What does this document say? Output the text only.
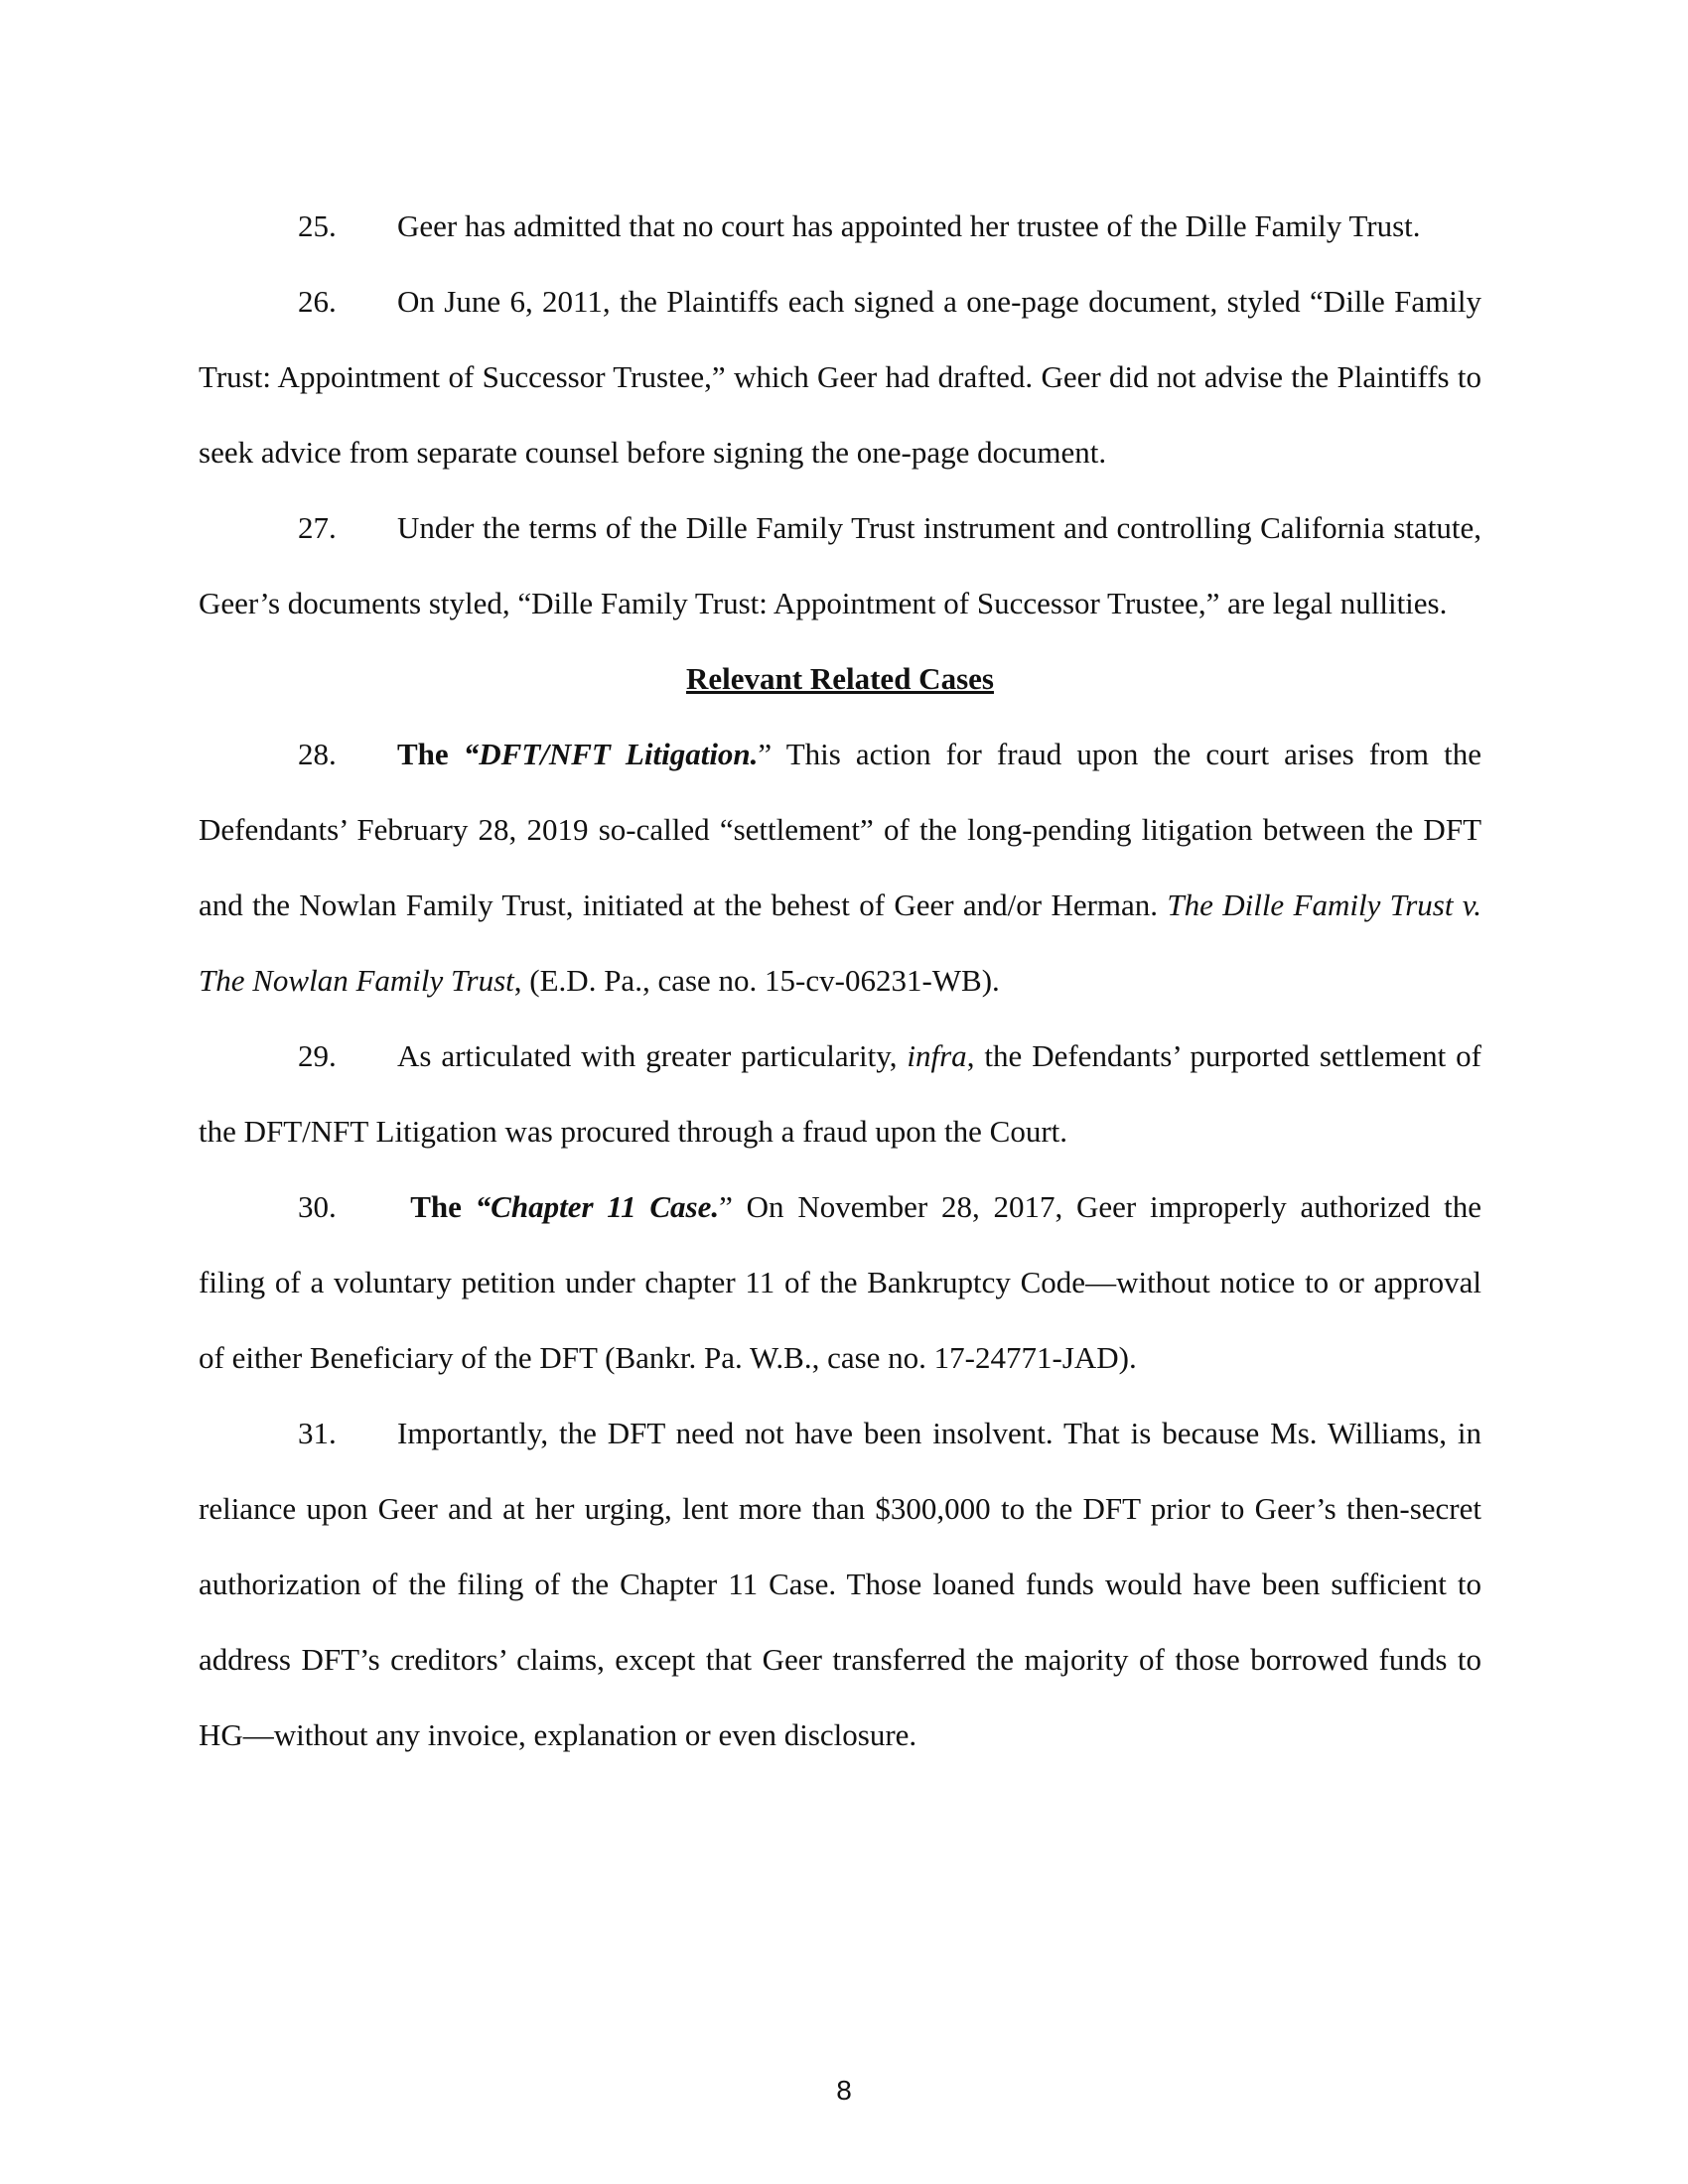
25. Geer has admitted that no court has appointed her trustee of the Dille Family Trust.

26. On June 6, 2011, the Plaintiffs each signed a one-page document, styled “Dille Family Trust: Appointment of Successor Trustee,” which Geer had drafted. Geer did not advise the Plaintiffs to seek advice from separate counsel before signing the one-page document.

27. Under the terms of the Dille Family Trust instrument and controlling California statute, Geer’s documents styled, “Dille Family Trust: Appointment of Successor Trustee,” are legal nullities.

Relevant Related Cases

28. The “DFT/NFT Litigation.” This action for fraud upon the court arises from the Defendants’ February 28, 2019 so-called “settlement” of the long-pending litigation between the DFT and the Nowlan Family Trust, initiated at the behest of Geer and/or Herman. The Dille Family Trust v. The Nowlan Family Trust, (E.D. Pa., case no. 15-cv-06231-WB).

29. As articulated with greater particularity, infra, the Defendants’ purported settlement of the DFT/NFT Litigation was procured through a fraud upon the Court.

30. The “Chapter 11 Case.” On November 28, 2017, Geer improperly authorized the filing of a voluntary petition under chapter 11 of the Bankruptcy Code—without notice to or approval of either Beneficiary of the DFT (Bankr. Pa. W.B., case no. 17-24771-JAD).

31. Importantly, the DFT need not have been insolvent. That is because Ms. Williams, in reliance upon Geer and at her urging, lent more than $300,000 to the DFT prior to Geer’s then-secret authorization of the filing of the Chapter 11 Case. Those loaned funds would have been sufficient to address DFT’s creditors’ claims, except that Geer transferred the majority of those borrowed funds to HG—without any invoice, explanation or even disclosure.

8
